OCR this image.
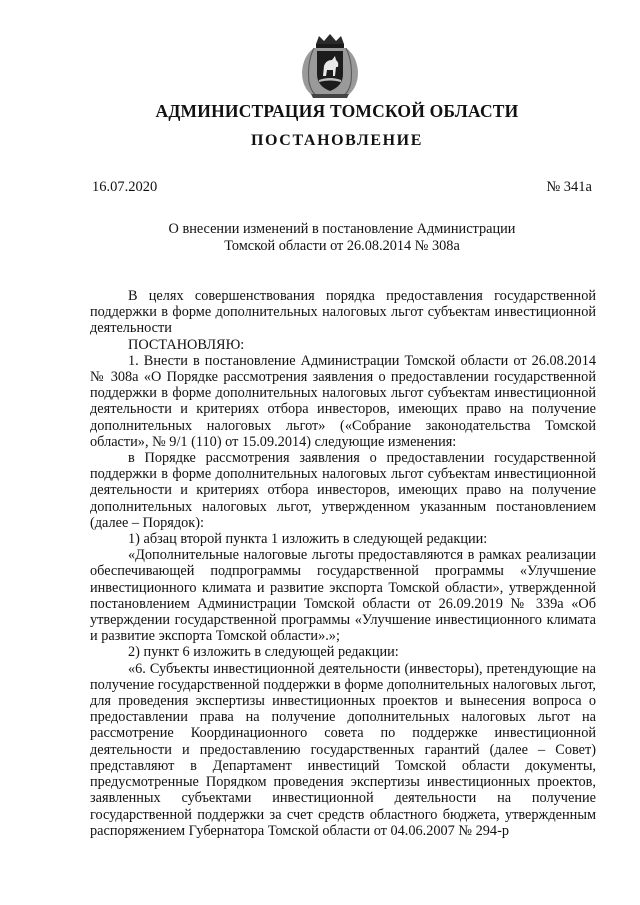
АДМИНИСТРАЦИЯ ТОМСКОЙ ОБЛАСТИ
ПОСТАНОВЛЕНИЕ
16.07.2020	№ 341а
О внесении изменений в постановление Администрации
Томской области от 26.08.2014 № 308а

В целях совершенствования порядка предоставления государственной поддержки в форме дополнительных налоговых льгот субъектам инвестиционной деятельности

ПОСТАНОВЛЯЮ:

1. Внести в постановление Администрации Томской области от 26.08.2014 № 308а «О Порядке рассмотрения заявления о предоставлении государственной поддержки в форме дополнительных налоговых льгот субъектам инвестиционной деятельности и критериях отбора инвесторов, имеющих право на получение дополнительных налоговых льгот» («Собрание законодательства Томской области», № 9/1 (110) от 15.09.2014) следующие изменения:

в Порядке рассмотрения заявления о предоставлении государственной поддержки в форме дополнительных налоговых льгот субъектам инвестиционной деятельности и критериях отбора инвесторов, имеющих право на получение дополнительных налоговых льгот, утвержденном указанным постановлением (далее – Порядок):

1) абзац второй пункта 1 изложить в следующей редакции:

«Дополнительные налоговые льготы предоставляются в рамках реализации обеспечивающей подпрограммы государственной программы «Улучшение инвестиционного климата и развитие экспорта Томской области», утвержденной постановлением Администрации Томской области от 26.09.2019 № 339а «Об утверждении государственной программы «Улучшение инвестиционного климата и развитие экспорта Томской области».»;

2) пункт 6 изложить в следующей редакции:

«6. Субъекты инвестиционной деятельности (инвесторы), претендующие на получение государственной поддержки в форме дополнительных налоговых льгот, для проведения экспертизы инвестиционных проектов и вынесения вопроса о предоставлении права на получение дополнительных налоговых льгот на рассмотрение Координационного совета по поддержке инвестиционной деятельности и предоставлению государственных гарантий (далее – Совет) представляют в Департамент инвестиций Томской области документы, предусмотренные Порядком проведения экспертизы инвестиционных проектов, заявленных субъектами инвестиционной деятельности на получение государственной поддержки за счет средств областного бюджета, утвержденным распоряжением Губернатора Томской области от 04.06.2007 № 294-р
